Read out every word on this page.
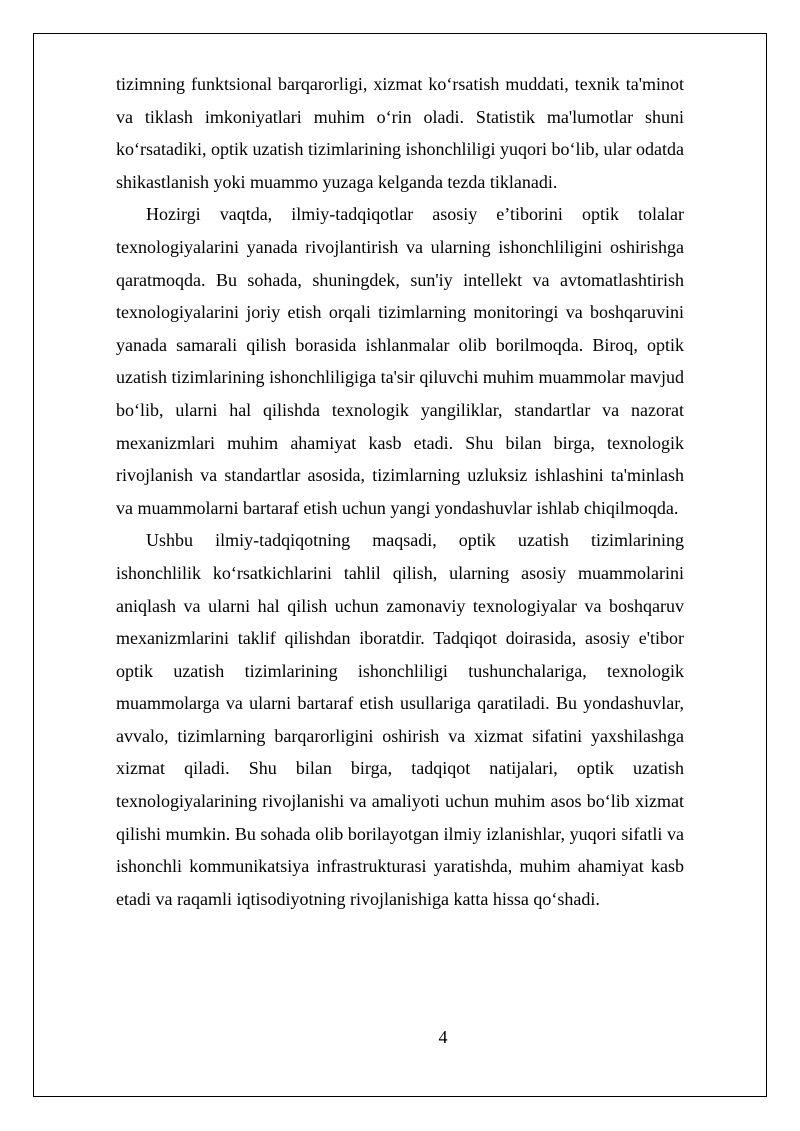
tizimning funktsional barqarorligi, xizmat ko‘rsatish muddati, texnik ta'minot va tiklash imkoniyatlari muhim o‘rin oladi. Statistik ma'lumotlar shuni ko‘rsatadiki, optik uzatish tizimlarining ishonchliligi yuqori bo‘lib, ular odatda shikastlanish yoki muammo yuzaga kelganda tezda tiklanadi.

Hozirgi vaqtda, ilmiy-tadqiqotlar asosiy e’tiborini optik tolalar texnologiyalarini yanada rivojlantirish va ularning ishonchliligini oshirishga qaratmoqda. Bu sohada, shuningdek, sun'iy intellekt va avtomatlashtirish texnologiyalarini joriy etish orqali tizimlarning monitoringi va boshqaruvini yanada samarali qilish borasida ishlanmalar olib borilmoqda. Biroq, optik uzatish tizimlarining ishonchliligiga ta'sir qiluvchi muhim muammolar mavjud bo‘lib, ularni hal qilishda texnologik yangiliklar, standartlar va nazorat mexanizmlari muhim ahamiyat kasb etadi. Shu bilan birga, texnologik rivojlanish va standartlar asosida, tizimlarning uzluksiz ishlashini ta'minlash va muammolarni bartaraf etish uchun yangi yondashuvlar ishlab chiqilmoqda.

Ushbu ilmiy-tadqiqotning maqsadi, optik uzatish tizimlarining ishonchlilik ko‘rsatkichlarini tahlil qilish, ularning asosiy muammolarini aniqlash va ularni hal qilish uchun zamonaviy texnologiyalar va boshqaruv mexanizmlarini taklif qilishdan iboratdir. Tadqiqot doirasida, asosiy e'tibor optik uzatish tizimlarining ishonchliligi tushunchalariga, texnologik muammolarga va ularni bartaraf etish usullariga qaratiladi. Bu yondashuvlar, avvalo, tizimlarning barqarorligini oshirish va xizmat sifatini yaxshilashga xizmat qiladi. Shu bilan birga, tadqiqot natijalari, optik uzatish texnologiyalarining rivojlanishi va amaliyoti uchun muhim asos bo‘lib xizmat qilishi mumkin. Bu sohada olib borilayotgan ilmiy izlanishlar, yuqori sifatli va ishonchli kommunikatsiya infrastrukturasi yaratishda, muhim ahamiyat kasb etadi va raqamli iqtisodiyotning rivojlanishiga katta hissa qo‘shadi.

4
